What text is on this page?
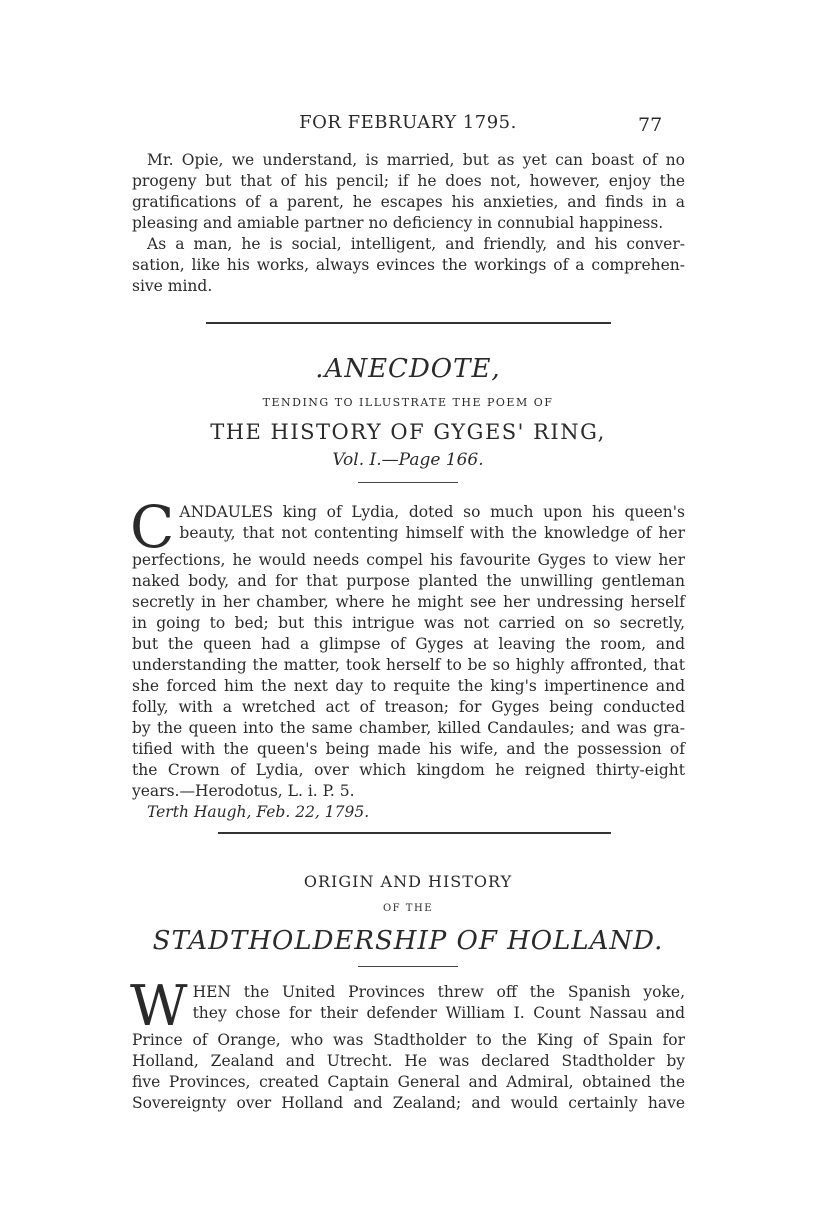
FOR FEBRUARY 1795.	77
Mr. Opie, we understand, is married, but as yet can boast of no
progeny but that of his pencil; if he does not, however, enjoy the
gratifications of a parent, he escapes his anxieties, and finds in a
pleasing and amiable partner no deficiency in connubial happiness.
As a man, he is social, intelligent, and friendly, and his conver-
sation, like his works, always evinces the workings of a comprehen-
sive mind.
.ANECDOTE,
TENDING TO ILLUSTRATE THE POEM OF
THE HISTORY OF GYGES' RING,
Vol. I.—Page 166.
C ANDAULES king of Lydia, doted so much upon his queen's
beauty, that not contenting himself with the knowledge of her
perfections, he would needs compel his favourite Gyges to view her
naked body, and for that purpose planted the unwilling gentleman
secretly in her chamber, where he might see her undressing herself
in going to bed; but this intrigue was not carried on so secretly,
but the queen had a glimpse of Gyges at leaving the room, and
understanding the matter, took herself to be so highly affronted, that
she forced him the next day to requite the king's impertinence and
folly, with a wretched act of treason; for Gyges being conducted
by the queen into the same chamber, killed Candaules; and was gra-
tified with the queen's being made his wife, and the possession of
the Crown of Lydia, over which kingdom he reigned thirty-eight
years.—Herodotus, L. i. P. 5.
Terth Haugh, Feb. 22, 1795.
ORIGIN AND HISTORY
OF THE
STADTHOLDERSHIP OF HOLLAND.
W HEN the United Provinces threw off the Spanish yoke,
they chose for their defender William I. Count Nassau and
Prince of Orange, who was Stadtholder to the King of Spain for
Holland, Zealand and Utrecht. He was declared Stadtholder by
five Provinces, created Captain General and Admiral, obtained the
Sovereignty over Holland and Zealand; and would certainly have
